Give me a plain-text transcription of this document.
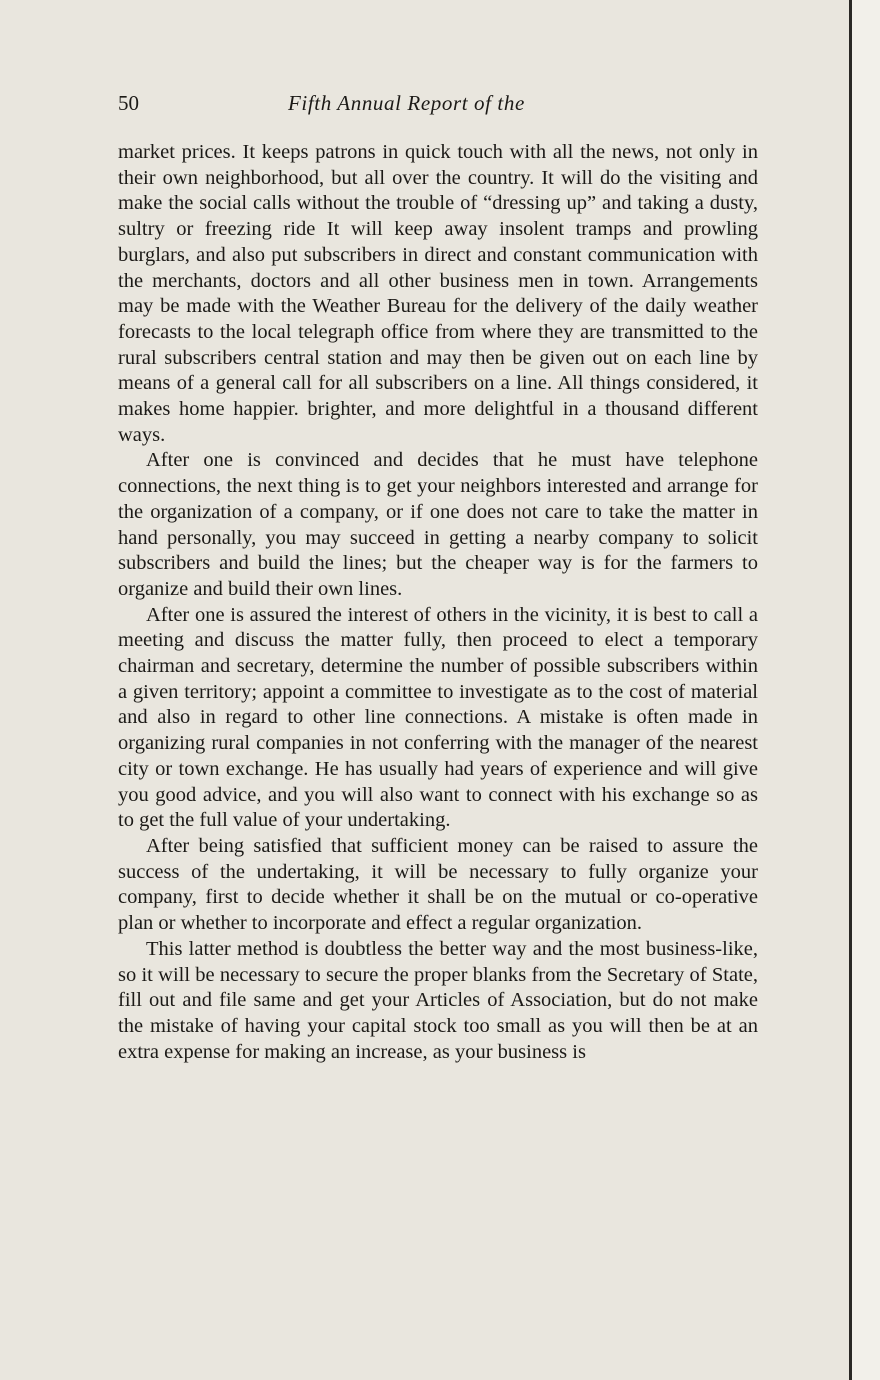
50	Fifth Annual Report of the

market prices. It keeps patrons in quick touch with all the news, not only in their own neighborhood, but all over the country. It will do the visiting and make the social calls without the trouble of “dressing up” and taking a dusty, sultry or freezing ride It will keep away insolent tramps and prowling burglars, and also put subscribers in direct and constant communication with the merchants, doctors and all other business men in town. Arrangements may be made with the Weather Bureau for the delivery of the daily weather forecasts to the local telegraph office from where they are transmitted to the rural subscribers central station and may then be given out on each line by means of a general call for all subscribers on a line. All things considered, it makes home happier. brighter, and more delightful in a thousand different ways.

After one is convinced and decides that he must have telephone connections, the next thing is to get your neighbors interested and arrange for the organization of a company, or if one does not care to take the matter in hand personally, you may succeed in getting a nearby company to solicit subscribers and build the lines; but the cheaper way is for the farmers to organize and build their own lines.

After one is assured the interest of others in the vicinity, it is best to call a meeting and discuss the matter fully, then proceed to elect a temporary chairman and secretary, determine the number of possible subscribers within a given territory; appoint a committee to investigate as to the cost of material and also in regard to other line connections. A mistake is often made in organizing rural companies in not conferring with the manager of the nearest city or town exchange. He has usually had years of experience and will give you good advice, and you will also want to connect with his exchange so as to get the full value of your undertaking.

After being satisfied that sufficient money can be raised to assure the success of the undertaking, it will be necessary to fully organize your company, first to decide whether it shall be on the mutual or co-operative plan or whether to incorporate and effect a regular organization.

This latter method is doubtless the better way and the most business-like, so it will be necessary to secure the proper blanks from the Secretary of State, fill out and file same and get your Articles of Association, but do not make the mistake of having your capital stock too small as you will then be at an extra expense for making an increase, as your business is
